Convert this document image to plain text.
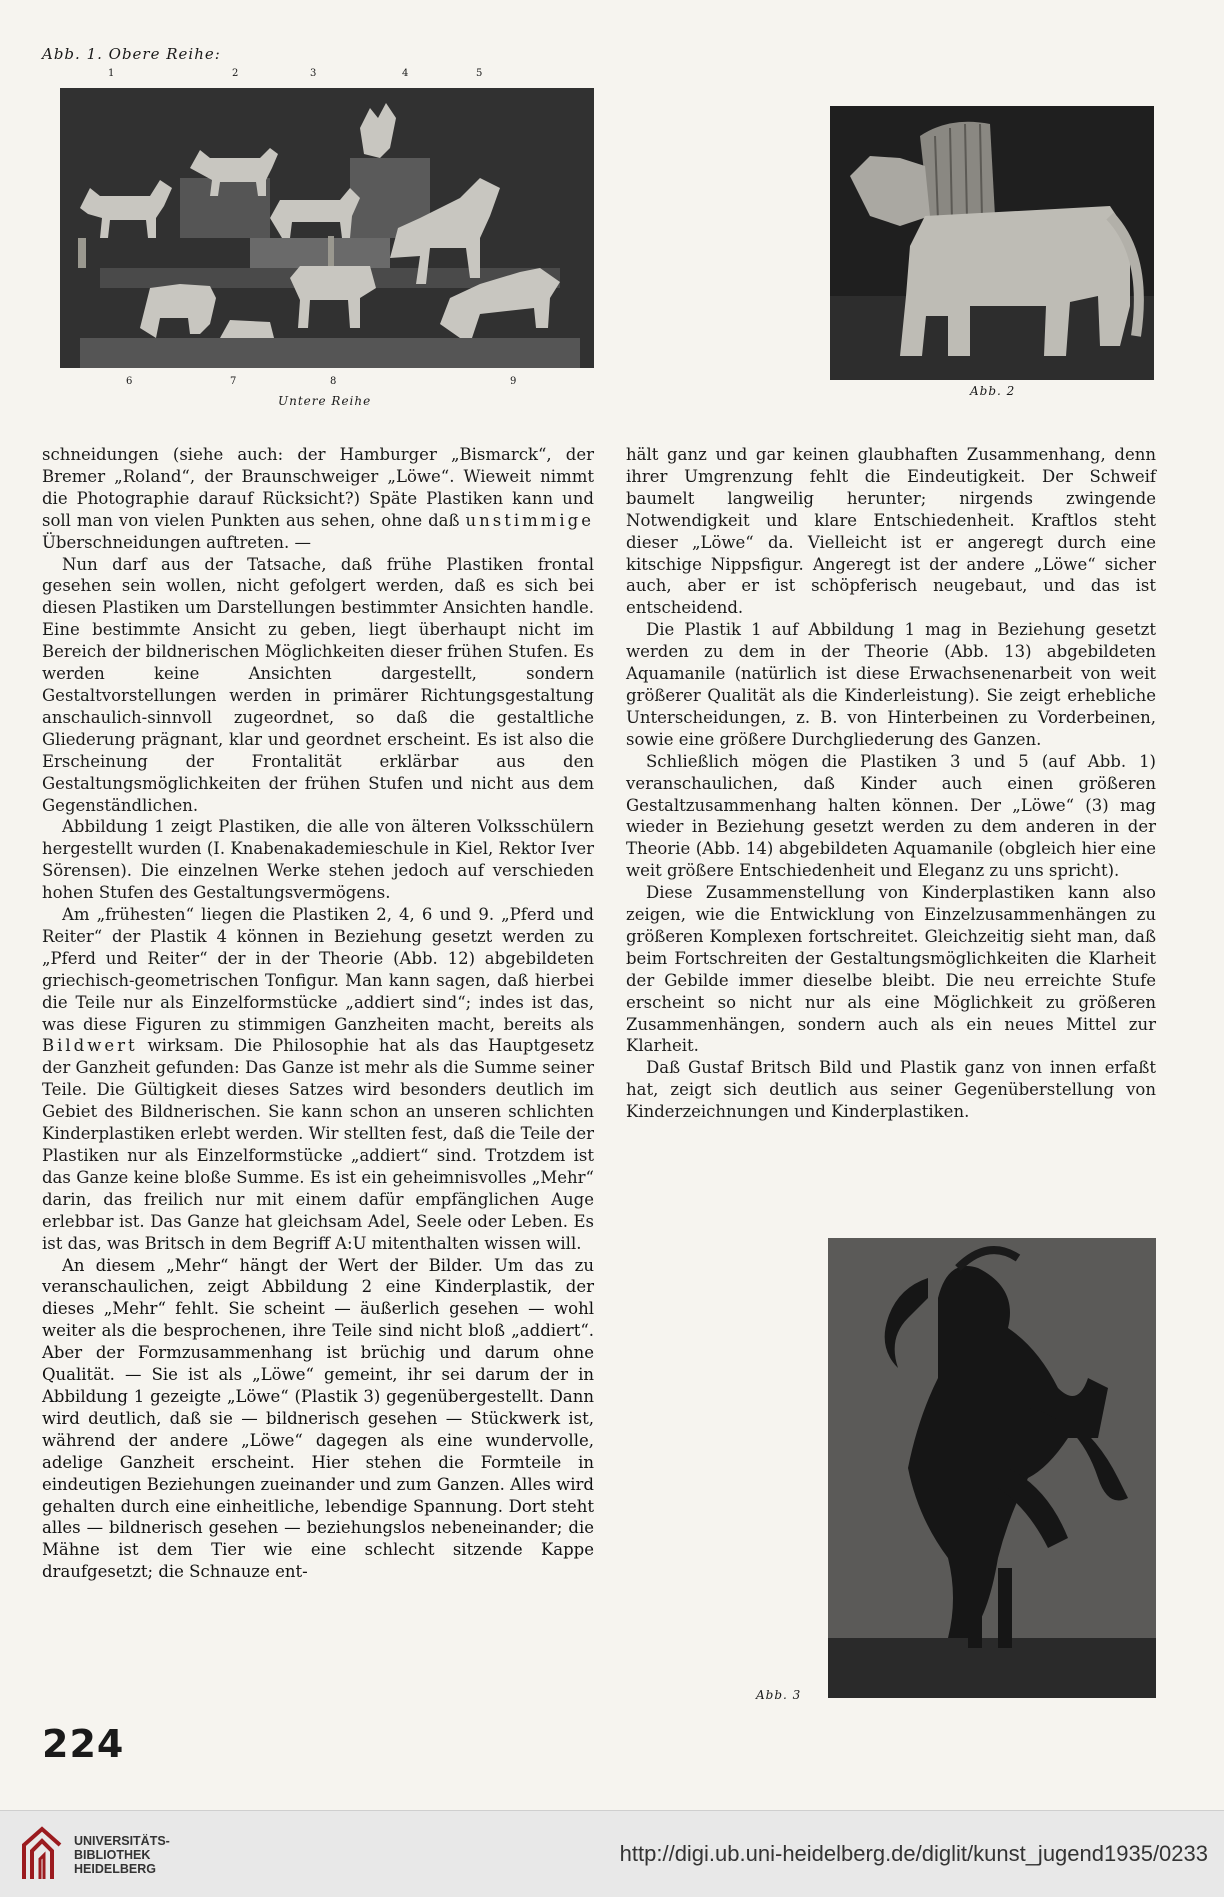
Abb. 1. Obere Reihe:
1	2	3	4	5
6	7	8	9
Untere Reihe
Abb. 2

schneidungen (siehe auch: der Hamburger „Bismarck“, der Bremer „Roland“, der Braunschweiger „Löwe“. Wieweit nimmt die Photographie darauf Rücksicht?) Späte Plastiken kann und soll man von vielen Punkten aus sehen, ohne daß unstimmige Überschneidungen auftreten. —

Nun darf aus der Tatsache, daß frühe Plastiken frontal gesehen sein wollen, nicht gefolgert werden, daß es sich bei diesen Plastiken um Darstellungen bestimmter Ansichten handle. Eine bestimmte Ansicht zu geben, liegt überhaupt nicht im Bereich der bildnerischen Möglichkeiten dieser frühen Stufen. Es werden keine Ansichten dargestellt, sondern Gestaltvorstellungen werden in primärer Richtungsgestaltung anschaulich-sinnvoll zugeordnet, so daß die gestaltliche Gliederung prägnant, klar und geordnet erscheint. Es ist also die Erscheinung der Frontalität erklärbar aus den Gestaltungsmöglichkeiten der frühen Stufen und nicht aus dem Gegenständlichen.

Abbildung 1 zeigt Plastiken, die alle von älteren Volksschülern hergestellt wurden (I. Knabenakademieschule in Kiel, Rektor Iver Sörensen). Die einzelnen Werke stehen jedoch auf verschieden hohen Stufen des Gestaltungsvermögens.

Am „frühesten“ liegen die Plastiken 2, 4, 6 und 9. „Pferd und Reiter“ der Plastik 4 können in Beziehung gesetzt werden zu „Pferd und Reiter“ der in der Theorie (Abb. 12) abgebildeten griechisch-geometrischen Tonfigur. Man kann sagen, daß hierbei die Teile nur als Einzelformstücke „addiert sind“; indes ist das, was diese Figuren zu stimmigen Ganzheiten macht, bereits als Bildwert wirksam. Die Philosophie hat als das Hauptgesetz der Ganzheit gefunden: Das Ganze ist mehr als die Summe seiner Teile. Die Gültigkeit dieses Satzes wird besonders deutlich im Gebiet des Bildnerischen. Sie kann schon an unseren schlichten Kinderplastiken erlebt werden. Wir stellten fest, daß die Teile der Plastiken nur als Einzelformstücke „addiert“ sind. Trotzdem ist das Ganze keine bloße Summe. Es ist ein geheimnisvolles „Mehr“ darin, das freilich nur mit einem dafür empfänglichen Auge erlebbar ist. Das Ganze hat gleichsam Adel, Seele oder Leben. Es ist das, was Britsch in dem Begriff A:U mitenthalten wissen will.

An diesem „Mehr“ hängt der Wert der Bilder. Um das zu veranschaulichen, zeigt Abbildung 2 eine Kinderplastik, der dieses „Mehr“ fehlt. Sie scheint — äußerlich gesehen — wohl weiter als die besprochenen, ihre Teile sind nicht bloß „addiert“. Aber der Formzusammenhang ist brüchig und darum ohne Qualität. — Sie ist als „Löwe“ gemeint, ihr sei darum der in Abbildung 1 gezeigte „Löwe“ (Plastik 3) gegenübergestellt. Dann wird deutlich, daß sie — bildnerisch gesehen — Stückwerk ist, während der andere „Löwe“ dagegen als eine wundervolle, adelige Ganzheit erscheint. Hier stehen die Formteile in eindeutigen Beziehungen zueinander und zum Ganzen. Alles wird gehalten durch eine einheitliche, lebendige Spannung. Dort steht alles — bildnerisch gesehen — beziehungslos nebeneinander; die Mähne ist dem Tier wie eine schlecht sitzende Kappe draufgesetzt; die Schnauze ent-

hält ganz und gar keinen glaubhaften Zusammenhang, denn ihrer Umgrenzung fehlt die Eindeutigkeit. Der Schweif baumelt langweilig herunter; nirgends zwingende Notwendigkeit und klare Entschiedenheit. Kraftlos steht dieser „Löwe“ da. Vielleicht ist er angeregt durch eine kitschige Nippsfigur. Angeregt ist der andere „Löwe“ sicher auch, aber er ist schöpferisch neugebaut, und das ist entscheidend.

Die Plastik 1 auf Abbildung 1 mag in Beziehung gesetzt werden zu dem in der Theorie (Abb. 13) abgebildeten Aquamanile (natürlich ist diese Erwachsenenarbeit von weit größerer Qualität als die Kinderleistung). Sie zeigt erhebliche Unterscheidungen, z. B. von Hinterbeinen zu Vorderbeinen, sowie eine größere Durchgliederung des Ganzen.

Schließlich mögen die Plastiken 3 und 5 (auf Abb. 1) veranschaulichen, daß Kinder auch einen größeren Gestaltzusammenhang halten können. Der „Löwe“ (3) mag wieder in Beziehung gesetzt werden zu dem anderen in der Theorie (Abb. 14) abgebildeten Aquamanile (obgleich hier eine weit größere Entschiedenheit und Eleganz zu uns spricht).

Diese Zusammenstellung von Kinderplastiken kann also zeigen, wie die Entwicklung von Einzelzusammenhängen zu größeren Komplexen fortschreitet. Gleichzeitig sieht man, daß beim Fortschreiten der Gestaltungsmöglichkeiten die Klarheit der Gebilde immer dieselbe bleibt. Die neu erreichte Stufe erscheint so nicht nur als eine Möglichkeit zu größeren Zusammenhängen, sondern auch als ein neues Mittel zur Klarheit.

Daß Gustaf Britsch Bild und Plastik ganz von innen erfaßt hat, zeigt sich deutlich aus seiner Gegenüberstellung von Kinderzeichnungen und Kinderplastiken.

Abb. 3
224
UNIVERSITÄTS-
BIBLIOTHEK
HEIDELBERG
http://digi.ub.uni-heidelberg.de/diglit/kunst_jugend1935/0233
